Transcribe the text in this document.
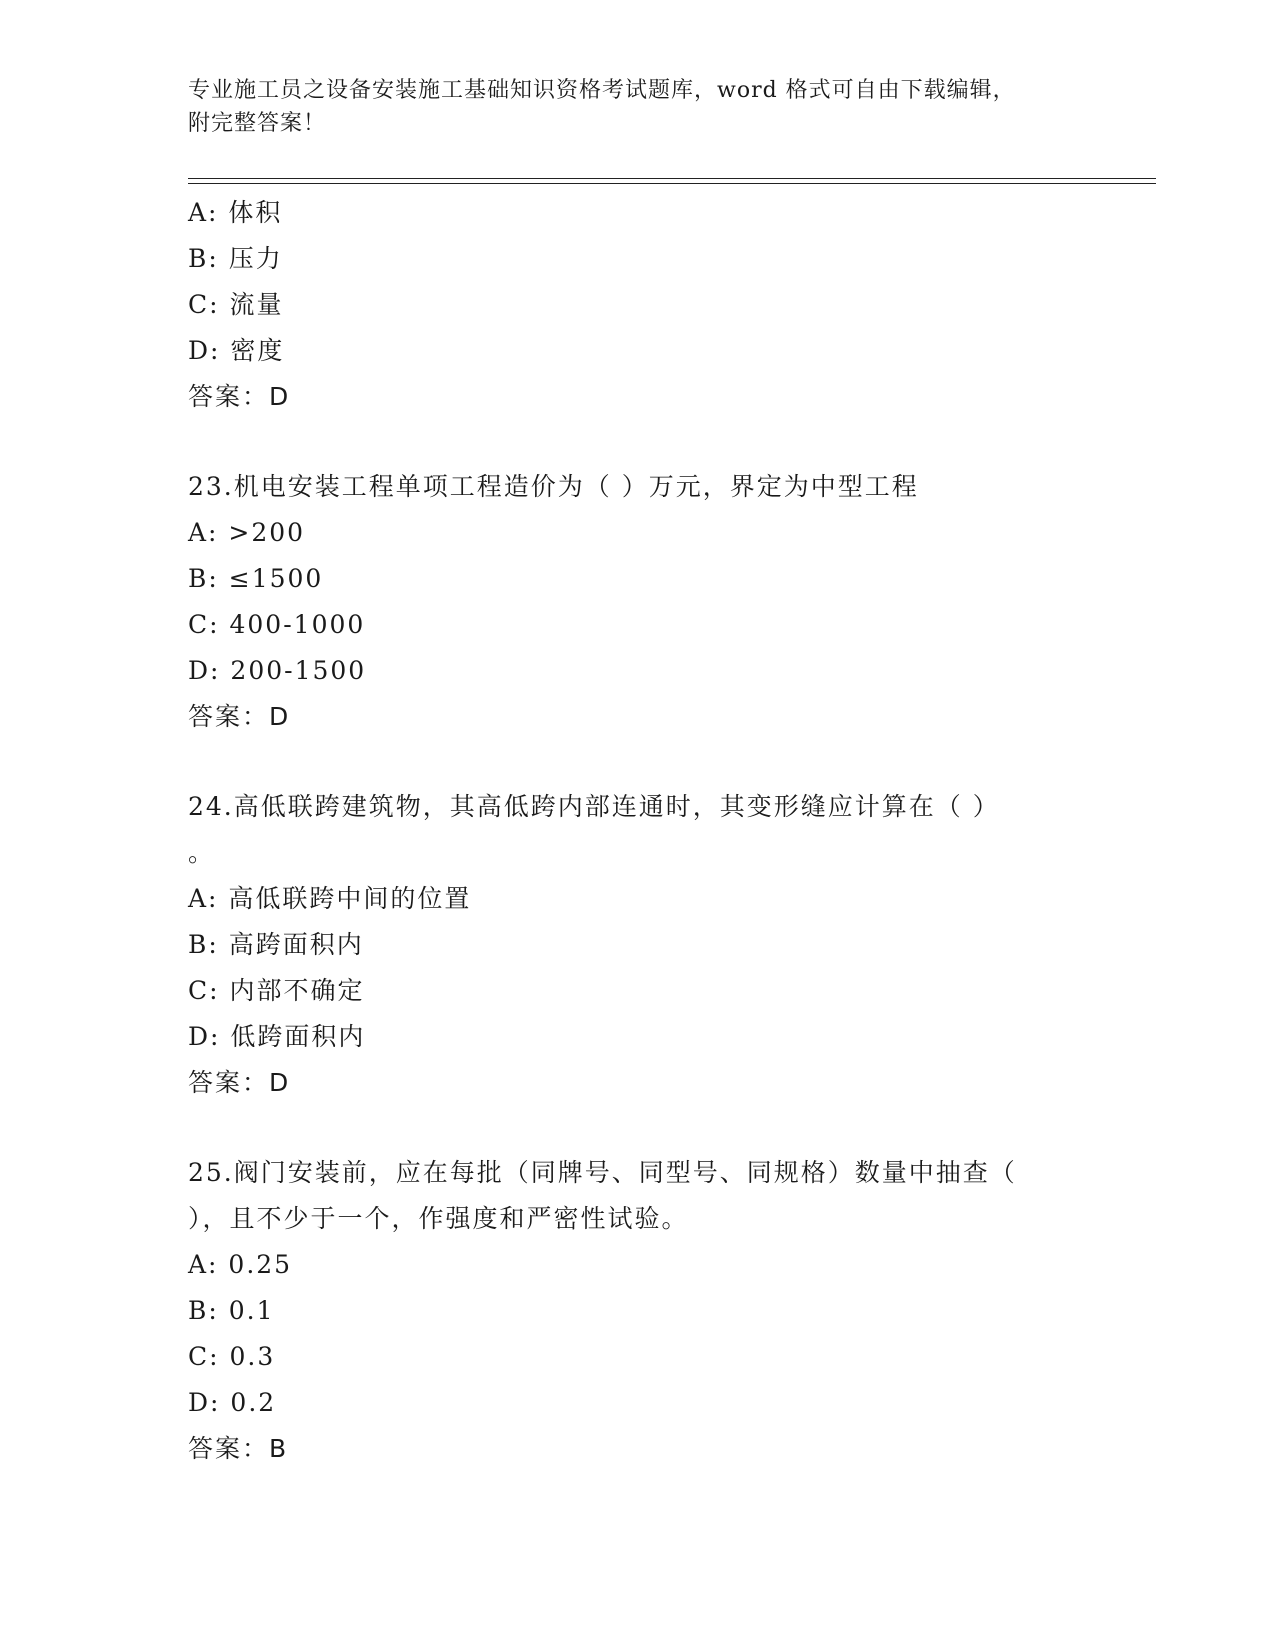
专业施工员之设备安装施工基础知识资格考试题库，word 格式可自由下载编辑，
附完整答案！
A: 体积
B: 压力
C: 流量
D: 密度
答案：D
23.机电安装工程单项工程造价为（ ）万元，界定为中型工程
A: >200
B: ≤1500
C: 400-1000
D: 200-1500
答案：D
24.高低联跨建筑物，其高低跨内部连通时，其变形缝应计算在（ ）
。
A: 高低联跨中间的位置
B: 高跨面积内
C: 内部不确定
D: 低跨面积内
答案：D
25.阀门安装前，应在每批（同牌号、同型号、同规格）数量中抽查（
），且不少于一个，作强度和严密性试验。
A: 0.25
B: 0.1
C: 0.3
D: 0.2
答案：B
